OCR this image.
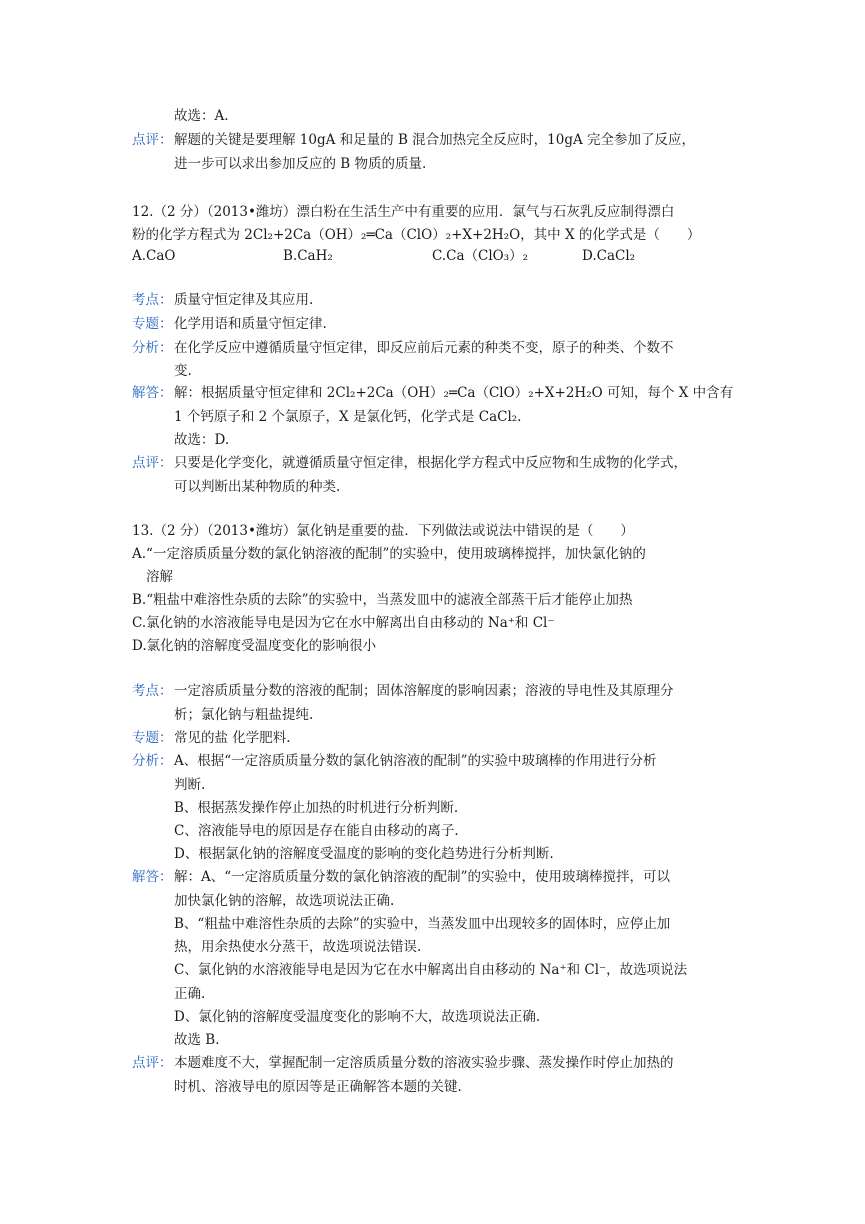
故选：A.
点评： 解题的关键是要理解 10gA 和足量的 B 混合加热完全反应时，10gA 完全参加了反应，
进一步可以求出参加反应的 B 物质的质量.
12.（2 分）（2013•潍坊）漂白粉在生活生产中有重要的应用．氯气与石灰乳反应制得漂白
粉的化学方程式为 2Cl₂+2Ca（OH）₂═Ca（ClO）₂+X+2H₂O，其中 X 的化学式是（　　）
A.CaO	B.CaH₂	C.Ca（ClO₃）₂	D.CaCl₂
考点： 质量守恒定律及其应用.
专题： 化学用语和质量守恒定律.
分析： 在化学反应中遵循质量守恒定律，即反应前后元素的种类不变，原子的种类、个数不
变.
解答： 解：根据质量守恒定律和 2Cl₂+2Ca（OH）₂═Ca（ClO）₂+X+2H₂O 可知，每个 X 中含有
1 个钙原子和 2 个氯原子，X 是氯化钙，化学式是 CaCl₂.
故选：D.
点评： 只要是化学变化，就遵循质量守恒定律，根据化学方程式中反应物和生成物的化学式，
可以判断出某种物质的种类.
13.（2 分）（2013•潍坊）氯化钠是重要的盐．下列做法或说法中错误的是（　　）
A.“一定溶质质量分数的氯化钠溶液的配制”的实验中，使用玻璃棒搅拌，加快氯化钠的
溶解
B.“粗盐中难溶性杂质的去除”的实验中，当蒸发皿中的滤液全部蒸干后才能停止加热
C.氯化钠的水溶液能导电是因为它在水中解离出自由移动的 Na⁺和 Cl⁻
D.氯化钠的溶解度受温度变化的影响很小
考点： 一定溶质质量分数的溶液的配制；固体溶解度的影响因素；溶液的导电性及其原理分
析；氯化钠与粗盐提纯.
专题： 常见的盐 化学肥料.
分析： A、根据“一定溶质质量分数的氯化钠溶液的配制”的实验中玻璃棒的作用进行分析
判断.
B、根据蒸发操作停止加热的时机进行分析判断.
C、溶液能导电的原因是存在能自由移动的离子.
D、根据氯化钠的溶解度受温度的影响的变化趋势进行分析判断.
解答： 解：A、“一定溶质质量分数的氯化钠溶液的配制”的实验中，使用玻璃棒搅拌，可以
加快氯化钠的溶解，故选项说法正确.
B、“粗盐中难溶性杂质的去除”的实验中，当蒸发皿中出现较多的固体时，应停止加
热，用余热使水分蒸干，故选项说法错误.
C、氯化钠的水溶液能导电是因为它在水中解离出自由移动的 Na⁺和 Cl⁻，故选项说法
正确.
D、氯化钠的溶解度受温度变化的影响不大，故选项说法正确.
故选 B.
点评： 本题难度不大，掌握配制一定溶质质量分数的溶液实验步骤、蒸发操作时停止加热的
时机、溶液导电的原因等是正确解答本题的关键.
